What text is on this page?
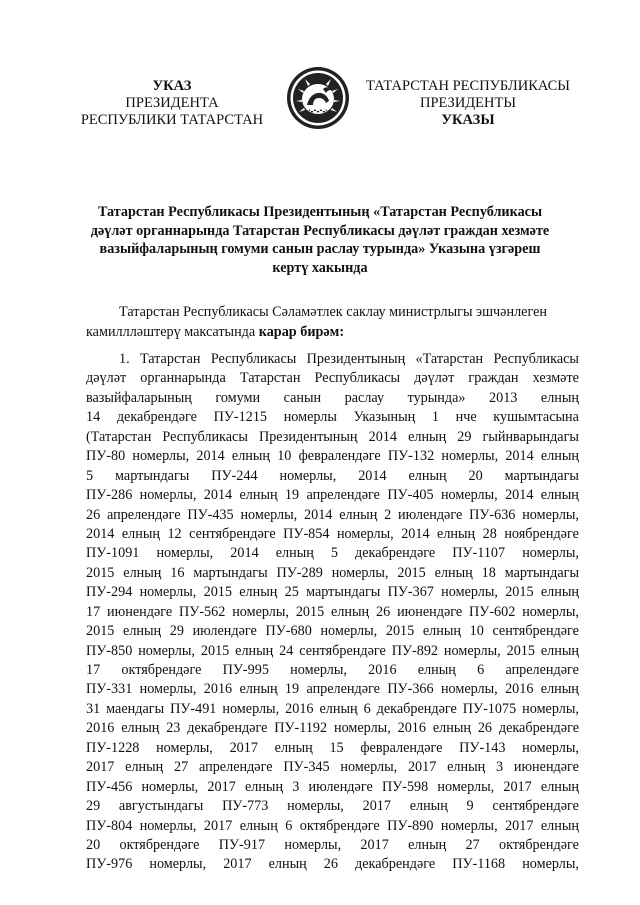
УКАЗ
ПРЕЗИДЕНТА
РЕСПУБЛИКИ ТАТАРСТАН
ТАТАРСТАН РЕСПУБЛИКАСЫ
ПРЕЗИДЕНТЫ
УКАЗЫ
Татарстан Республикасы Президентының «Татарстан Республикасы
дәүләт органнарында Татарстан Республикасы дәүләт граждан хезмәте
вазыйфаларының гомуми санын раслау турында» Указына үзгәреш
кертү хакында
Татарстан Республикасы Сәламәтлек саклау министрлыгы эшчәнлеген
камиллләштерү максатында карар бирәм:
1. Татарстан Республикасы Президентының «Татарстан Республикасы
дәүләт органнарында Татарстан Республикасы дәүләт граждан хезмәте
вазыйфаларының гомуми санын раслау турында» 2013 елның
14 декабрендәге ПУ-1215 номерлы Указының 1 нче кушымтасына
(Татарстан Республикасы Президентының 2014 елның 29 гыйнварындагы
ПУ-80 номерлы, 2014 елның 10 февралендәге ПУ-132 номерлы, 2014 елның
5 мартындагы ПУ-244 номерлы, 2014 елның 20 мартындагы
ПУ-286 номерлы, 2014 елның 19 апрелендәге ПУ-405 номерлы, 2014 елның
26 апрелендәге ПУ-435 номерлы, 2014 елның 2 июлендәге ПУ-636 номерлы,
2014 елның 12 сентябрендәге ПУ-854 номерлы, 2014 елның 28 ноябрендәге
ПУ-1091 номерлы, 2014 елның 5 декабрендәге ПУ-1107 номерлы,
2015 елның 16 мартындагы ПУ-289 номерлы, 2015 елның 18 мартындагы
ПУ-294 номерлы, 2015 елның 25 мартындагы ПУ-367 номерлы, 2015 елның
17 июнендәге ПУ-562 номерлы, 2015 елның 26 июнендәге ПУ-602 номерлы,
2015 елның 29 июлендәге ПУ-680 номерлы, 2015 елның 10 сентябрендәге
ПУ-850 номерлы, 2015 елның 24 сентябрендәге ПУ-892 номерлы, 2015 елның
17 октябрендәге ПУ-995 номерлы, 2016 елның 6 апрелендәге
ПУ-331 номерлы, 2016 елның 19 апрелендәге ПУ-366 номерлы, 2016 елның
31 маендагы ПУ-491 номерлы, 2016 елның 6 декабрендәге ПУ-1075 номерлы,
2016 елның 23 декабрендәге ПУ-1192 номерлы, 2016 елның 26 декабрендәге
ПУ-1228 номерлы, 2017 елның 15 февралендәге ПУ-143 номерлы,
2017 елның 27 апрелендәге ПУ-345 номерлы, 2017 елның 3 июнендәге
ПУ-456 номерлы, 2017 елның 3 июлендәге ПУ-598 номерлы, 2017 елның
29 августындагы ПУ-773 номерлы, 2017 елның 9 сентябрендәге
ПУ-804 номерлы, 2017 елның 6 октябрендәге ПУ-890 номерлы, 2017 елның
20 октябрендәге ПУ-917 номерлы, 2017 елның 27 октябрендәге
ПУ-976 номерлы, 2017 елның 26 декабрендәге ПУ-1168 номерлы,
